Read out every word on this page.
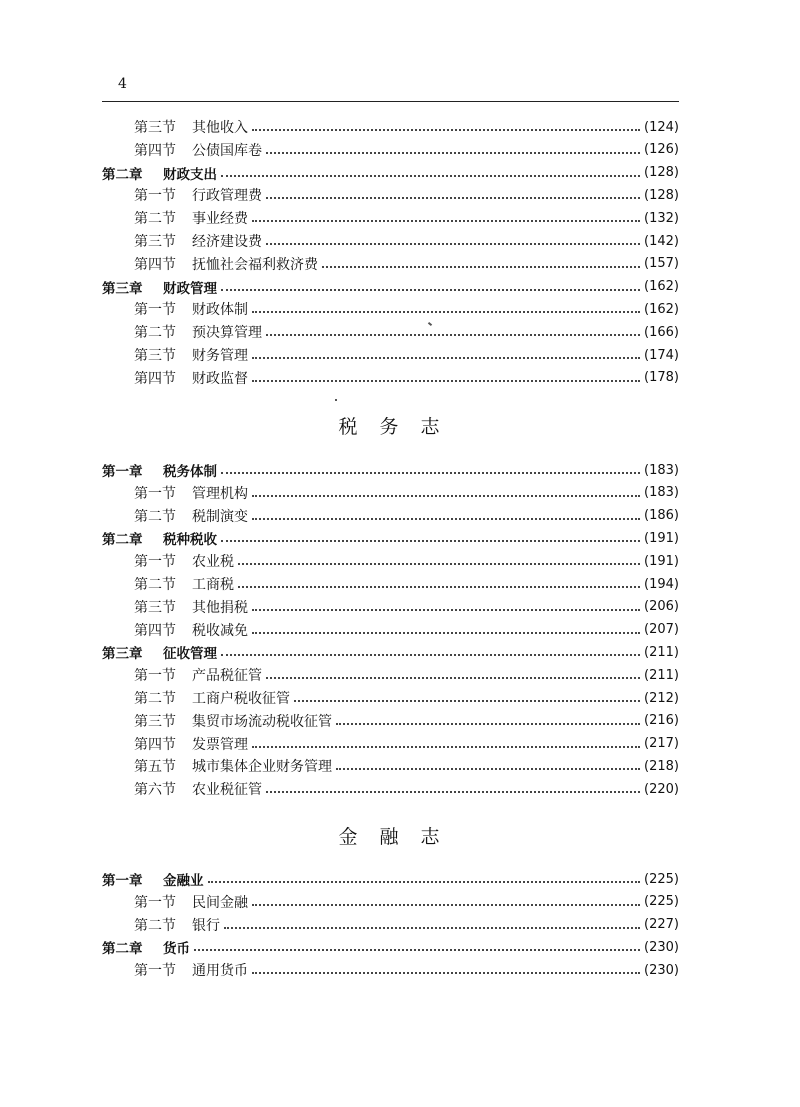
4
第三节	其他收入	(124)
第四节	公债国库卷	(126)
第二章	财政支出	(128)
第一节	行政管理费	(128)
第二节	事业经费	(132)
第三节	经济建设费	(142)
第四节	抚恤社会福利救济费	(157)
第三章	财政管理	(162)
第一节	财政体制	(162)
第二节	预决算管理	(166)
第三节	财务管理	(174)
第四节	财政监督	(178)
税务志
第一章	税务体制	(183)
第一节	管理机构	(183)
第二节	税制演变	(186)
第二章	税种税收	(191)
第一节	农业税	(191)
第二节	工商税	(194)
第三节	其他捐税	(206)
第四节	税收减免	(207)
第三章	征收管理	(211)
第一节	产品税征管	(211)
第二节	工商户税收征管	(212)
第三节	集贸市场流动税收征管	(216)
第四节	发票管理	(217)
第五节	城市集体企业财务管理	(218)
第六节	农业税征管	(220)
金融志
第一章	金融业	(225)
第一节	民间金融	(225)
第二节	银行	(227)
第二章	货币	(230)
第一节	通用货币	(230)
